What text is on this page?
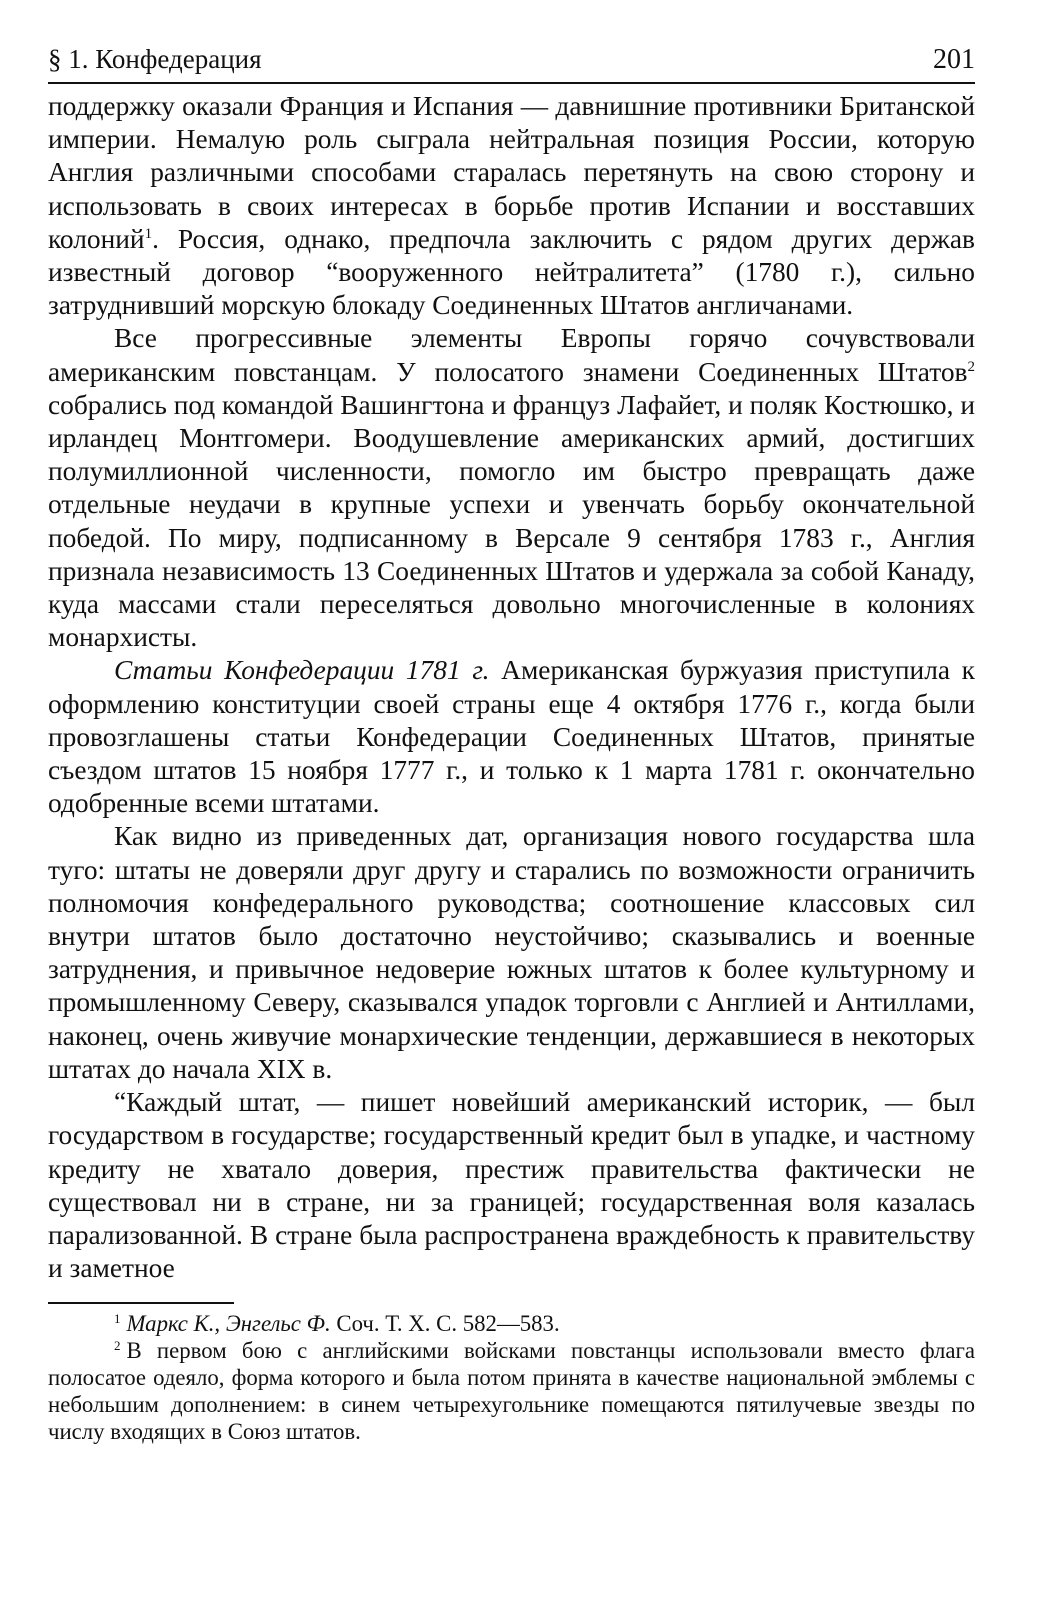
§ 1. Конфедерация	201

поддержку оказали Франция и Испания — давнишние противники Британской империи. Немалую роль сыграла нейтральная позиция России, которую Англия различными способами старалась перетянуть на свою сторону и использовать в своих интересах в борьбе против Испании и восставших колоний$^1$. Россия, однако, предпочла заключить с рядом других держав известный договор “вооруженного нейтралитета” (1780 г.), сильно затруднивший морскую блокаду Соединенных Штатов англичанами.

Все прогрессивные элементы Европы горячо сочувствовали американским повстанцам. У полосатого знамени Соединенных Штатов$^2$ собрались под командой Вашингтона и француз Лафайет, и поляк Костюшко, и ирландец Монтгомери. Воодушевление американских армий, достигших полумиллионной численности, помогло им быстро превращать даже отдельные неудачи в крупные успехи и увенчать борьбу окончательной победой. По миру, подписанному в Версале 9 сентября 1783 г., Англия признала независимость 13 Соединенных Штатов и удержала за собой Канаду, куда массами стали переселяться довольно многочисленные в колониях монархисты.

Статьи Конфедерации 1781 г. Американская буржуазия приступила к оформлению конституции своей страны еще 4 октября 1776 г., когда были провозглашены статьи Конфедерации Соединенных Штатов, принятые съездом штатов 15 ноября 1777 г., и только к 1 марта 1781 г. окончательно одобренные всеми штатами.

Как видно из приведенных дат, организация нового государства шла туго: штаты не доверяли друг другу и старались по возможности ограничить полномочия конфедерального руководства; соотношение классовых сил внутри штатов было достаточно неустойчиво; сказывались и военные затруднения, и привычное недоверие южных штатов к более культурному и промышленному Северу, сказывался упадок торговли с Англией и Антиллами, наконец, очень живучие монархические тенденции, державшиеся в некоторых штатах до начала XIX в.

“Каждый штат, — пишет новейший американский историк, — был государством в государстве; государственный кредит был в упадке, и частному кредиту не хватало доверия, престиж правительства фактически не существовал ни в стране, ни за границей; государственная воля казалась парализованной. В стране была распространена враждебность к правительству и заметное

$^1$ Маркс К., Энгельс Ф. Соч. Т. X. С. 582—583.

$^2$ В первом бою с английскими войсками повстанцы использовали вместо флага полосатое одеяло, форма которого и была потом принята в качестве национальной эмблемы с небольшим дополнением: в синем четырехугольнике помещаются пятилучевые звезды по числу входящих в Союз штатов.
